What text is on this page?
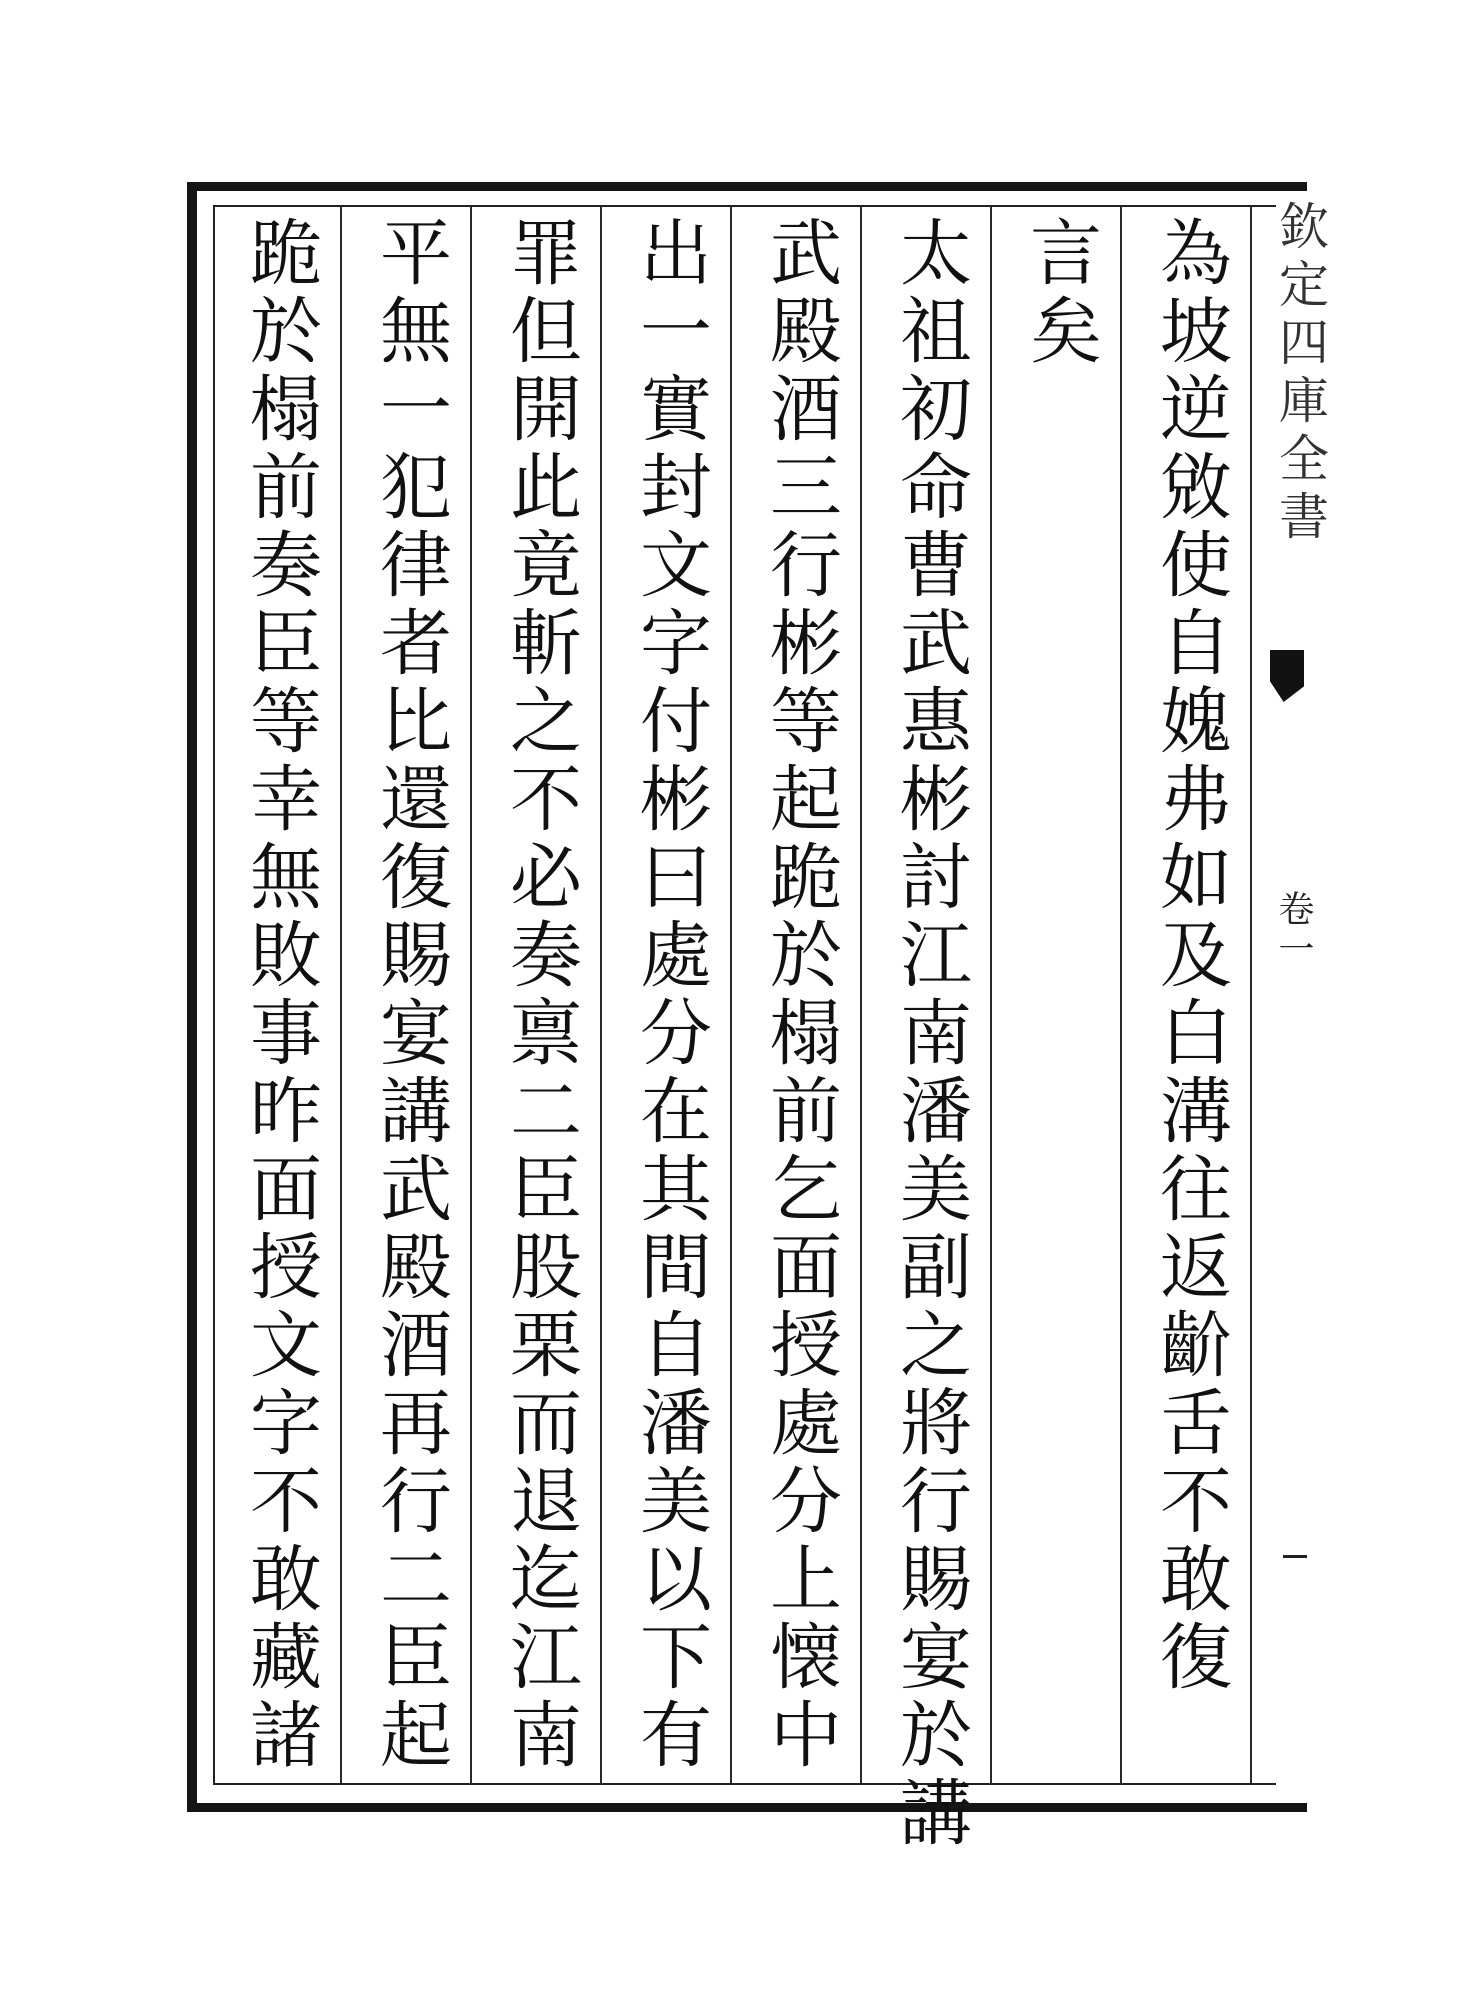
欽定四庫全書
卷一
為坡逆敓使自媿弗如及白溝往返齘舌不敢復
言矣
太祖初命曹武惠彬討江南潘美副之將行賜宴於講
武殿酒三行彬等起跪於榻前乞面授處分上懐中
出一實封文字付彬曰處分在其間自潘美以下有
罪但開此竟斬之不必奏禀二臣股栗而退迄江南
平無一犯律者比還復賜宴講武殿酒再行二臣起
跪於榻前奏臣等幸無敗事昨面授文字不敢藏諸
